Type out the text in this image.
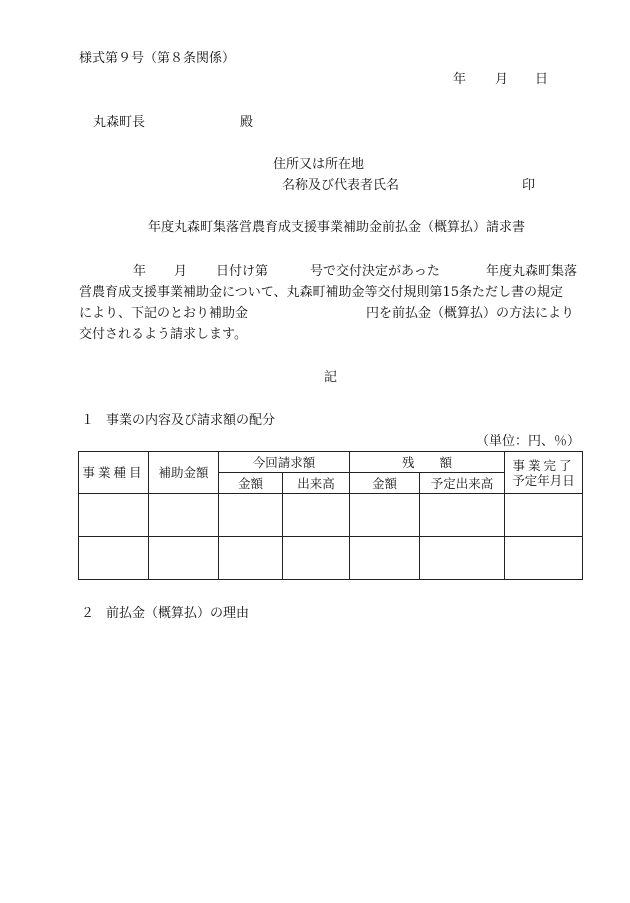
様式第９号（第８条関係）
年 月 日
丸森町長	殿
住所又は所在地
名称及び代表者氏名	印
年度丸森町集落営農育成支援事業補助金前払金（概算払）請求書
年 月 日付け第	号で交付決定があった	年度丸森町集落
営農育成支援事業補助金について、丸森町補助金等交付規則第15条ただし書の規定
により、下記のとおり補助金	円を前払金（概算払）の方法により
交付されるよう請求します。
記
１ 事業の内容及び請求額の配分
（単位：円、％）
事業種目	補助金額	今回請求額		残　　額		事業完了
予定年月日

		金額	出来高	金額	予定出来高	

２ 前払金（概算払）の理由
